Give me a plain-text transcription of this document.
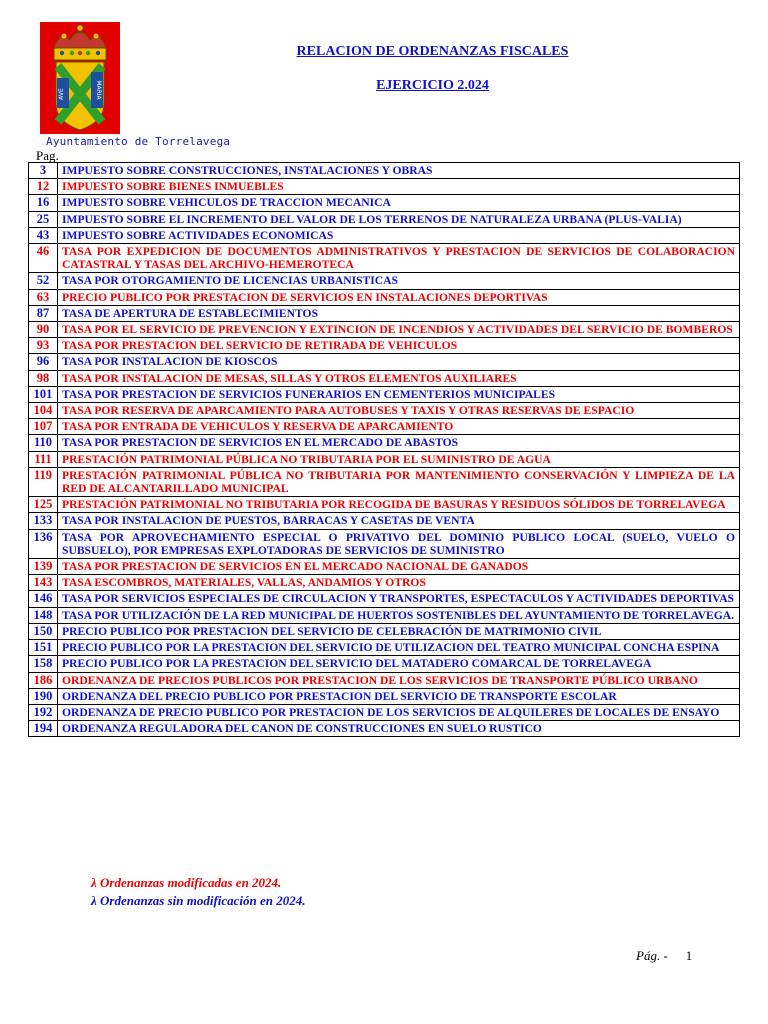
AVE	MARIA
Ayuntamiento de Torrelavega
RELACION DE ORDENANZAS FISCALES
EJERCICIO 2.024
Pag.
3	IMPUESTO SOBRE CONSTRUCCIONES, INSTALACIONES Y OBRAS
12	IMPUESTO SOBRE BIENES INMUEBLES
16	IMPUESTO SOBRE VEHICULOS DE TRACCION MECANICA
25	IMPUESTO SOBRE EL INCREMENTO DEL VALOR DE LOS TERRENOS DE NATURALEZA URBANA (PLUS-VALIA)
43	IMPUESTO SOBRE ACTIVIDADES ECONOMICAS
46	TASA POR EXPEDICION DE DOCUMENTOS ADMINISTRATIVOS Y PRESTACION DE SERVICIOS DE COLABORACION CATASTRAL Y TASAS DEL ARCHIVO-HEMEROTECA
52	TASA POR OTORGAMIENTO DE LICENCIAS URBANISTICAS
63	PRECIO PUBLICO POR PRESTACION DE SERVICIOS EN INSTALACIONES DEPORTIVAS
87	TASA DE APERTURA DE ESTABLECIMIENTOS
90	TASA POR EL SERVICIO DE PREVENCION Y EXTINCION DE INCENDIOS Y ACTIVIDADES DEL SERVICIO DE BOMBEROS
93	TASA POR PRESTACION DEL SERVICIO DE RETIRADA DE VEHICULOS
96	TASA POR INSTALACION DE KIOSCOS
98	TASA POR INSTALACION DE MESAS, SILLAS Y OTROS ELEMENTOS AUXILIARES
101	TASA POR PRESTACION DE SERVICIOS FUNERARIOS EN CEMENTERIOS MUNICIPALES
104	TASA POR RESERVA DE APARCAMIENTO PARA AUTOBUSES Y TAXIS Y OTRAS RESERVAS DE ESPACIO
107	TASA POR ENTRADA DE VEHICULOS Y RESERVA DE APARCAMIENTO
110	TASA POR PRESTACION DE SERVICIOS EN EL MERCADO DE ABASTOS
111	PRESTACIÓN PATRIMONIAL PÚBLICA NO TRIBUTARIA POR EL SUMINISTRO DE AGUA
119	PRESTACIÓN PATRIMONIAL PÚBLICA NO TRIBUTARIA POR MANTENIMIENTO CONSERVACIÓN Y LIMPIEZA DE LA RED DE ALCANTARILLADO MUNICIPAL
125	PRESTACIÓN PATRIMONIAL NO TRIBUTARIA POR RECOGIDA DE BASURAS Y RESIDUOS SÓLIDOS DE TORRELAVEGA
133	TASA POR INSTALACION DE PUESTOS, BARRACAS Y CASETAS DE VENTA
136	TASA POR APROVECHAMIENTO ESPECIAL O PRIVATIVO DEL DOMINIO PUBLICO LOCAL (SUELO, VUELO O SUBSUELO), POR EMPRESAS EXPLOTADORAS DE SERVICIOS DE SUMINISTRO
139	TASA POR PRESTACION DE SERVICIOS EN EL MERCADO NACIONAL DE GANADOS
143	TASA ESCOMBROS, MATERIALES, VALLAS, ANDAMIOS Y OTROS
146	TASA POR SERVICIOS ESPECIALES DE CIRCULACION Y TRANSPORTES, ESPECTACULOS Y ACTIVIDADES DEPORTIVAS
148	TASA POR UTILIZACIÓN DE LA RED MUNICIPAL DE HUERTOS SOSTENIBLES DEL AYUNTAMIENTO DE TORRELAVEGA.
150	PRECIO PUBLICO POR PRESTACION DEL SERVICIO DE CELEBRACIÓN DE MATRIMONIO CIVIL
151	PRECIO PUBLICO POR LA PRESTACION DEL SERVICIO DE UTILIZACION DEL TEATRO MUNICIPAL CONCHA ESPINA
158	PRECIO PUBLICO POR LA PRESTACION DEL SERVICIO DEL MATADERO COMARCAL DE TORRELAVEGA
186	ORDENANZA DE PRECIOS PUBLICOS POR PRESTACION DE LOS SERVICIOS DE TRANSPORTE PÚBLICO URBANO
190	ORDENANZA DEL PRECIO PUBLICO POR PRESTACION DEL SERVICIO DE TRANSPORTE ESCOLAR
192	ORDENANZA DE PRECIO PUBLICO POR PRESTACION DE LOS SERVICIOS DE ALQUILERES DE LOCALES DE ENSAYO
194	ORDENANZA REGULADORA DEL CANON DE CONSTRUCCIONES EN SUELO RUSTICO
λ Ordenanzas modificadas en 2024.
λ Ordenanzas sin modificación en 2024.
Pág. - 1
